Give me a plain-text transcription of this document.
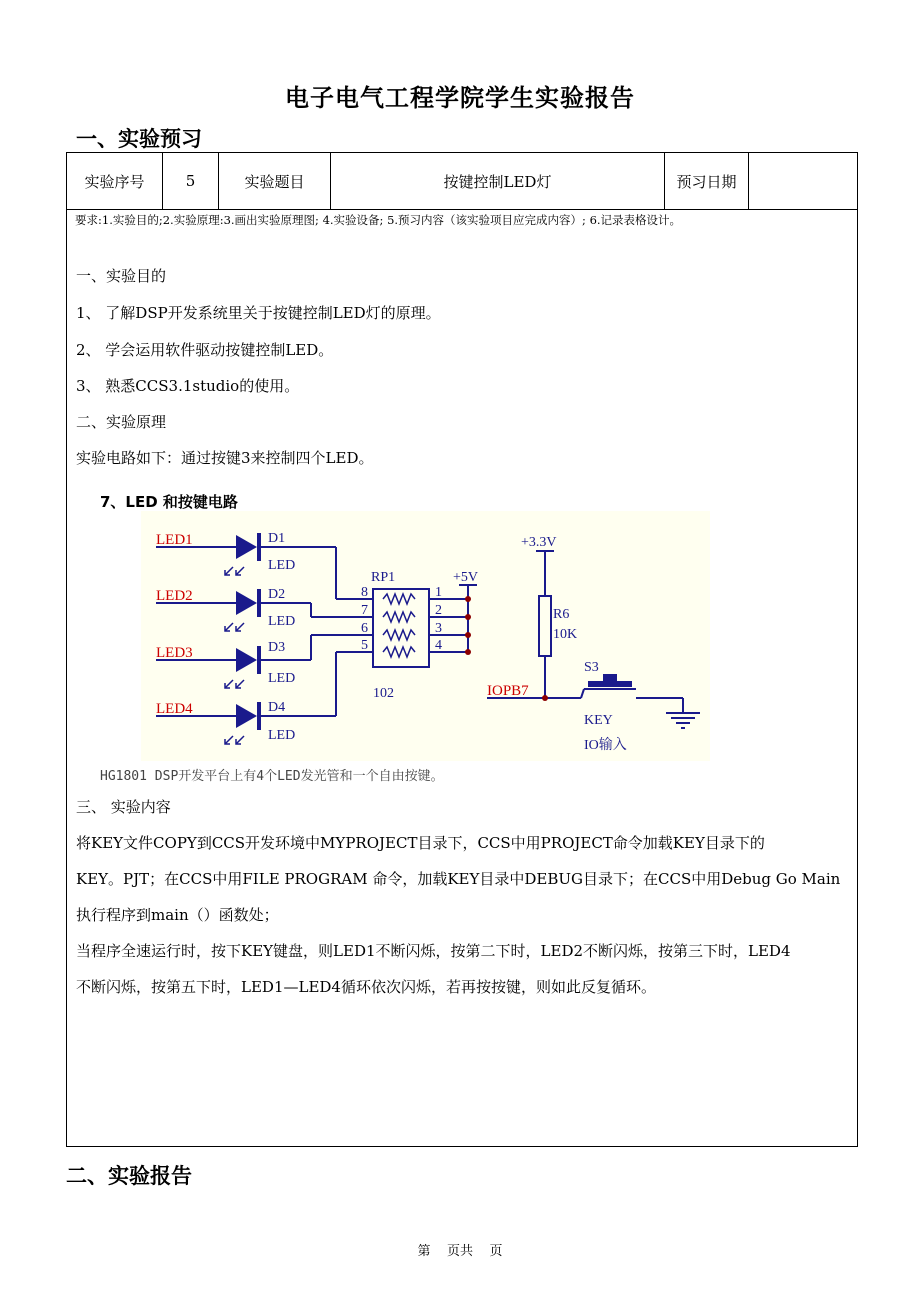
电子电气工程学院学生实验报告
一、实验预习
实验序号	5	实验题目	按键控制LED灯	预习日期
要求:1.实验目的;2.实验原理:3.画出实验原理图; 4.实验设备; 5.预习内容（该实验项目应完成内容）; 6.记录表格设计。
一、实验目的
1、 了解DSP开发系统里关于按键控制LED灯的原理。
2、 学会运用软件驱动按键控制LED。
3、 熟悉CCS3.1studio的使用。
二、实验原理
实验电路如下：通过按键3来控制四个LED。
7、LED 和按键电路
LED1
LED2
LED3
LED4
IOPB7
D1
LED
D2
LED
D3
LED
D4
LED
RP1
102
8
7
6
5
1
2
3
4
+5V
+3.3V
R6
10K
S3
KEY
IO输入
HG1801 DSP开发平台上有4个LED发光管和一个自由按键。
三、 实验内容
将KEY文件COPY到CCS开发环境中MYPROJECT目录下，CCS中用PROJECT命令加载KEY目录下的
KEY。PJT；在CCS中用FILE PROGRAM 命令，加载KEY目录中DEBUG目录下；在CCS中用Debug Go Main
执行程序到main（）函数处；
当程序全速运行时，按下KEY键盘，则LED1不断闪烁，按第二下时，LED2不断闪烁，按第三下时，LED4
不断闪烁，按第五下时，LED1—LED4循环依次闪烁，若再按按键，则如此反复循环。
二、实验报告
第    页共    页
